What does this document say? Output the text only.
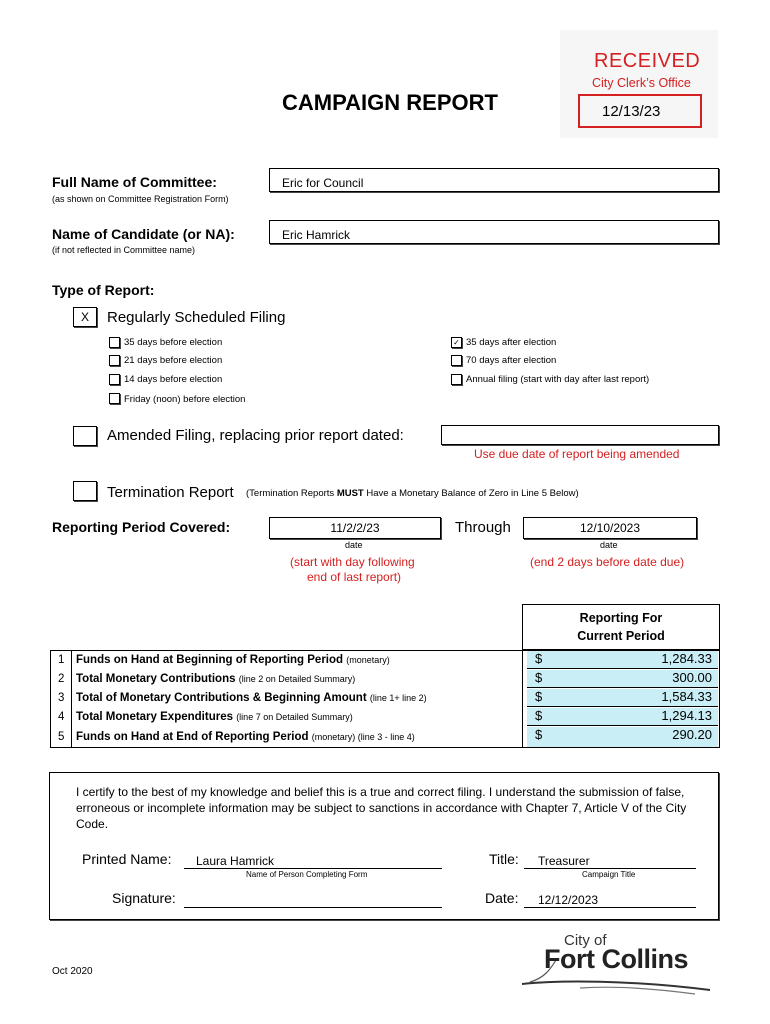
RECEIVED
City Clerk’s Office
12/13/23
CAMPAIGN REPORT
Full Name of Committee:
(as shown on Committee Registration Form)
Eric for Council
Name of Candidate (or NA):
(if not reflected in Committee name)
Eric Hamrick
Type of Report:
X	Regularly Scheduled Filing
35 days before election
21 days before election
14 days before election
Friday (noon) before election
✓ 35 days after election
70 days after election
Annual filing (start with day after last report)
Amended Filing, replacing prior report dated:
Use due date of report being amended
Termination Report (Termination Reports MUST Have a Monetary Balance of Zero in Line 5 Below)
Reporting Period Covered:	11/2/2/23
date
Through	12/10/2023
date
(start with day following
end of last report)
(end 2 days before date due)
Reporting For
Current Period
1 Funds on Hand at Beginning of Reporting Period (monetary)	$	1,284.33
2 Total Monetary Contributions (line 2 on Detailed Summary)	$	300.00
3 Total of Monetary Contributions & Beginning Amount (line 1+ line 2)	$	1,584.33
4 Total Monetary Expenditures (line 7 on Detailed Summary)	$	1,294.13
5 Funds on Hand at End of Reporting Period (monetary) (line 3 - line 4)	$	290.20
I certify to the best of my knowledge and belief this is a true and correct filing. I understand the submission of false, erroneous or incomplete information may be subject to sanctions in accordance with Chapter 7, Article V of the City Code.
Printed Name: Laura Hamrick
Name of Person Completing Form
Title: Treasurer
Campaign Title
Signature:	Date: 12/12/2023
Oct 2020
City of
Fort Collins
